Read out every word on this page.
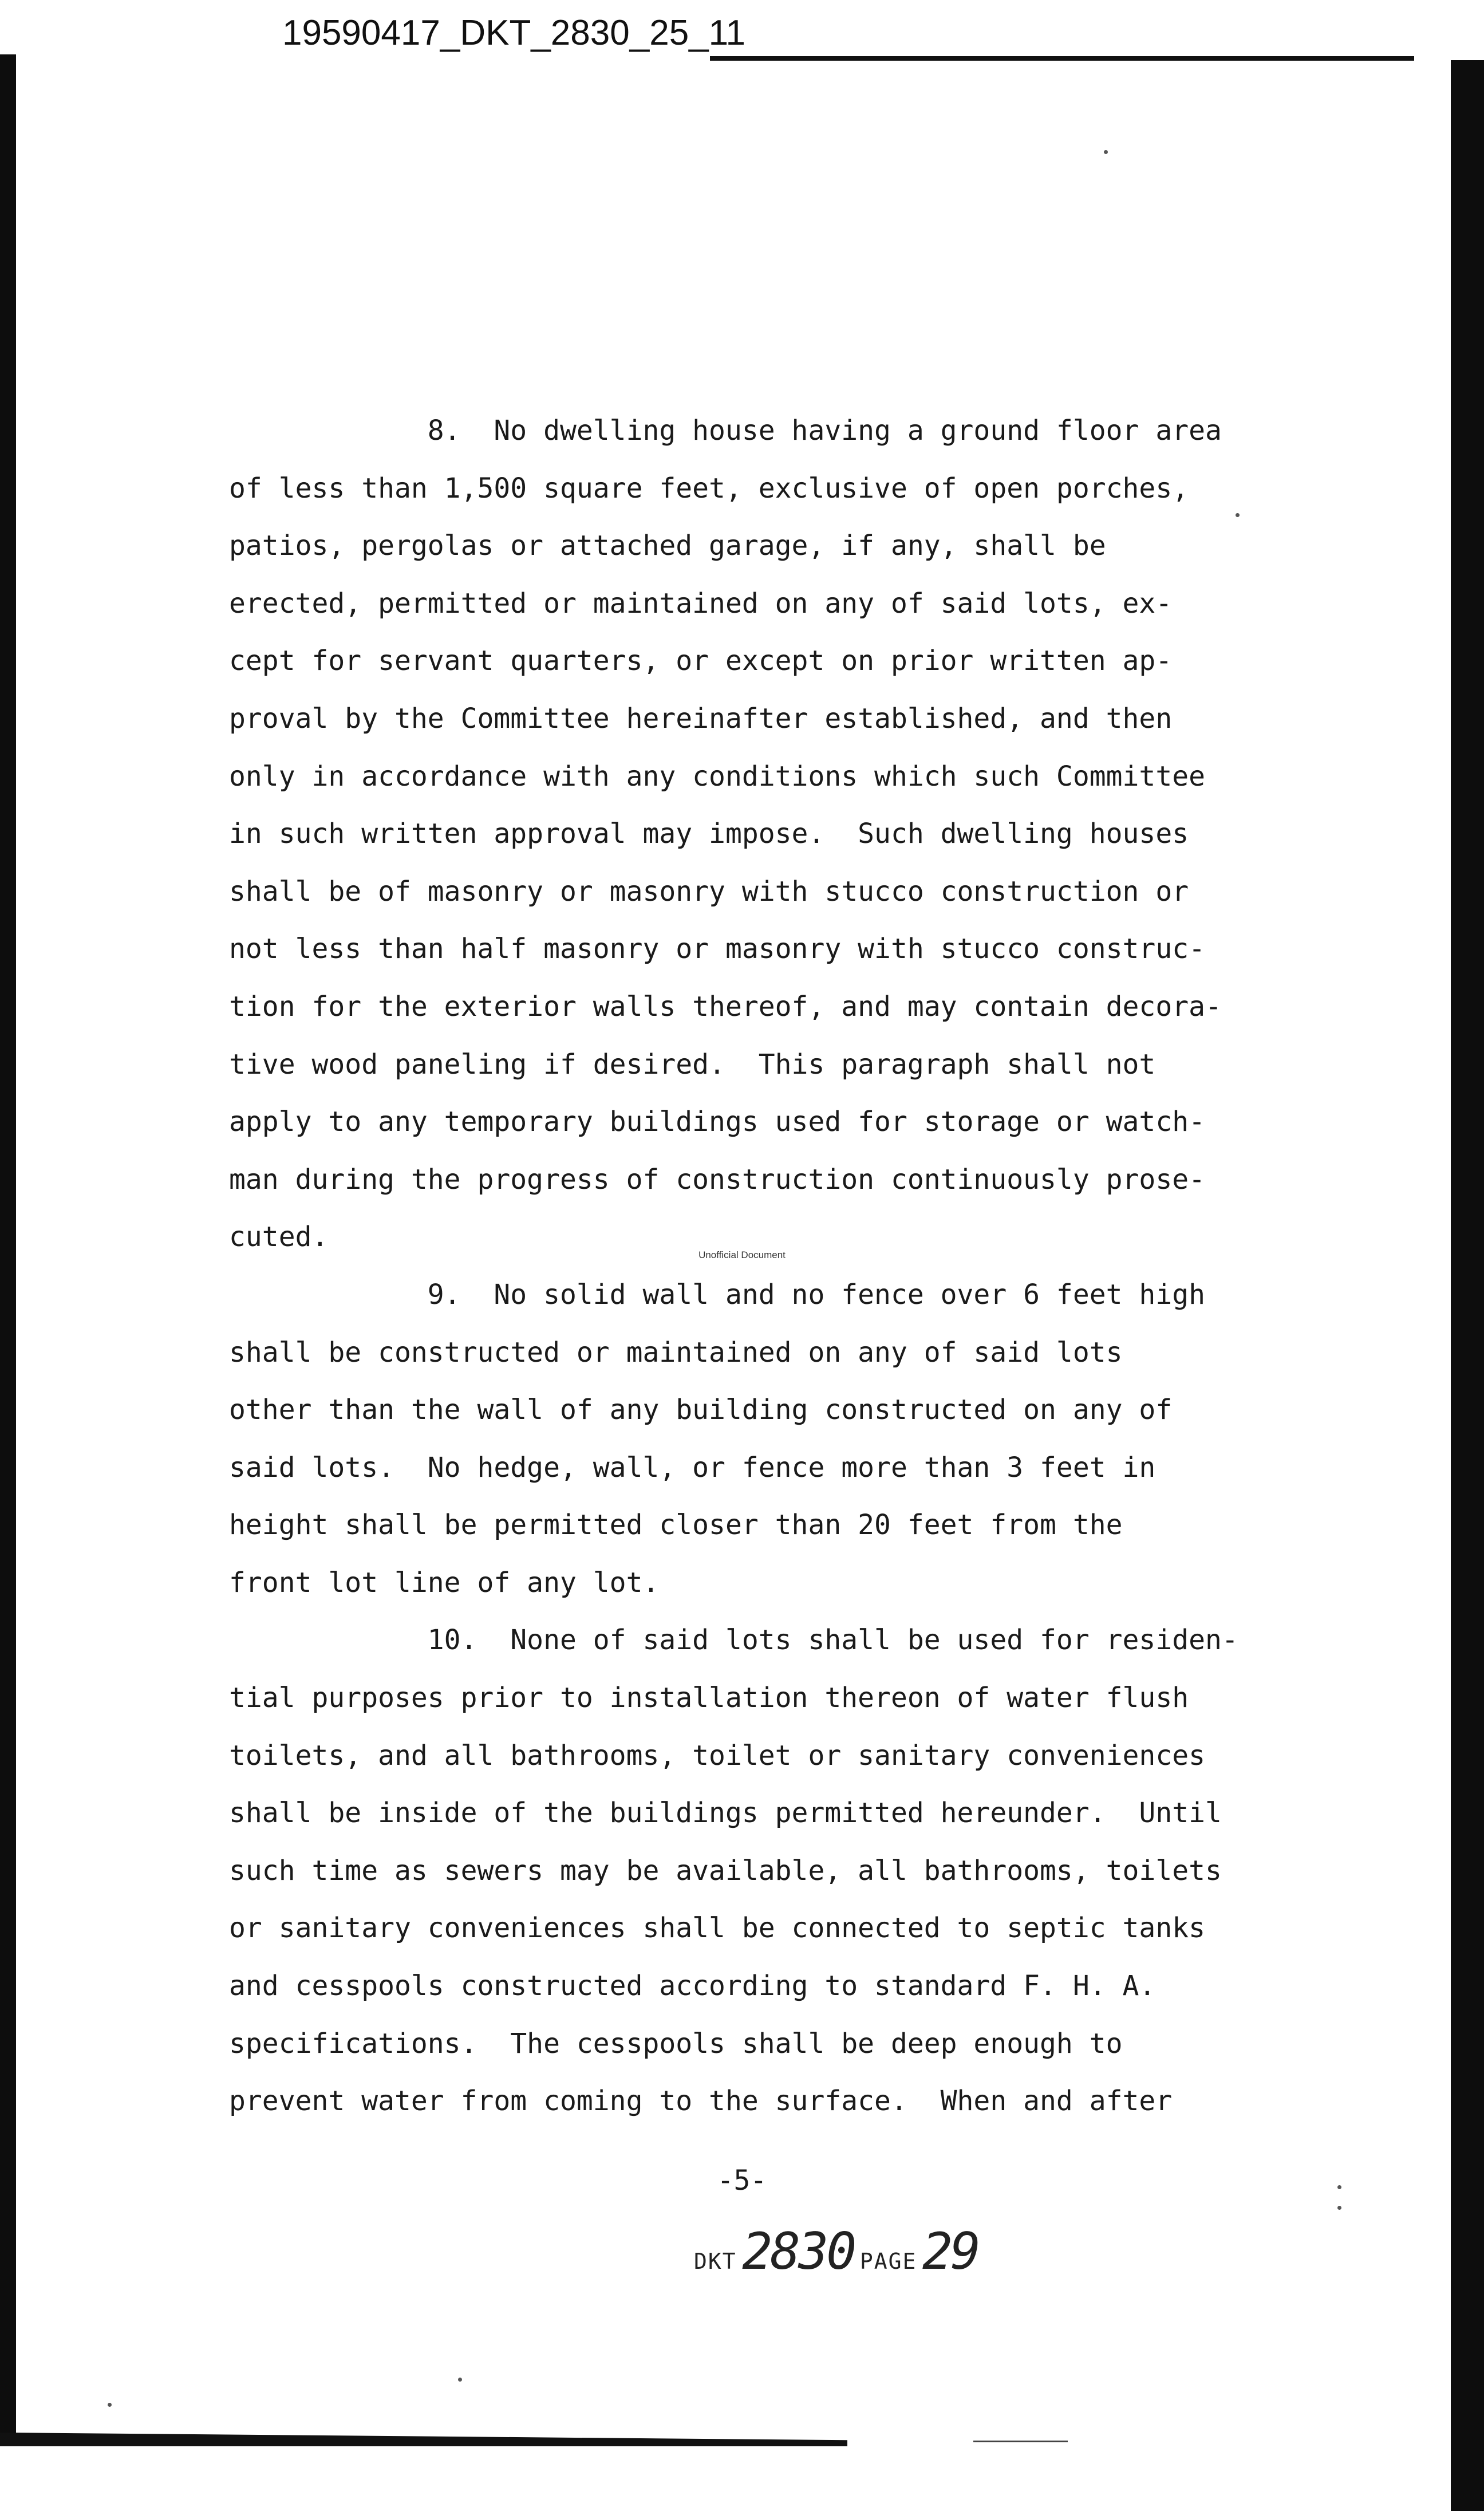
19590417_DKT_2830_25_11
8.  No dwelling house having a ground floor area
of less than 1,500 square feet, exclusive of open porches,
patios, pergolas or attached garage, if any, shall be
erected, permitted or maintained on any of said lots, ex-
cept for servant quarters, or except on prior written ap-
proval by the Committee hereinafter established, and then
only in accordance with any conditions which such Committee
in such written approval may impose.  Such dwelling houses
shall be of masonry or masonry with stucco construction or
not less than half masonry or masonry with stucco construc-
tion for the exterior walls thereof, and may contain decora-
tive wood paneling if desired.  This paragraph shall not
apply to any temporary buildings used for storage or watch-
man during the progress of construction continuously prose-
cuted.
9.  No solid wall and no fence over 6 feet high
shall be constructed or maintained on any of said lots
other than the wall of any building constructed on any of
said lots.  No hedge, wall, or fence more than 3 feet in
height shall be permitted closer than 20 feet from the
front lot line of any lot.
10.  None of said lots shall be used for residen-
tial purposes prior to installation thereon of water flush
toilets, and all bathrooms, toilet or sanitary conveniences
shall be inside of the buildings permitted hereunder.  Until
such time as sewers may be available, all bathrooms, toilets
or sanitary conveniences shall be connected to septic tanks
and cesspools constructed according to standard F. H. A.
specifications.  The cesspools shall be deep enough to
prevent water from coming to the surface.  When and after
Unofficial Document
-5-
DKT 2830 PAGE 29
